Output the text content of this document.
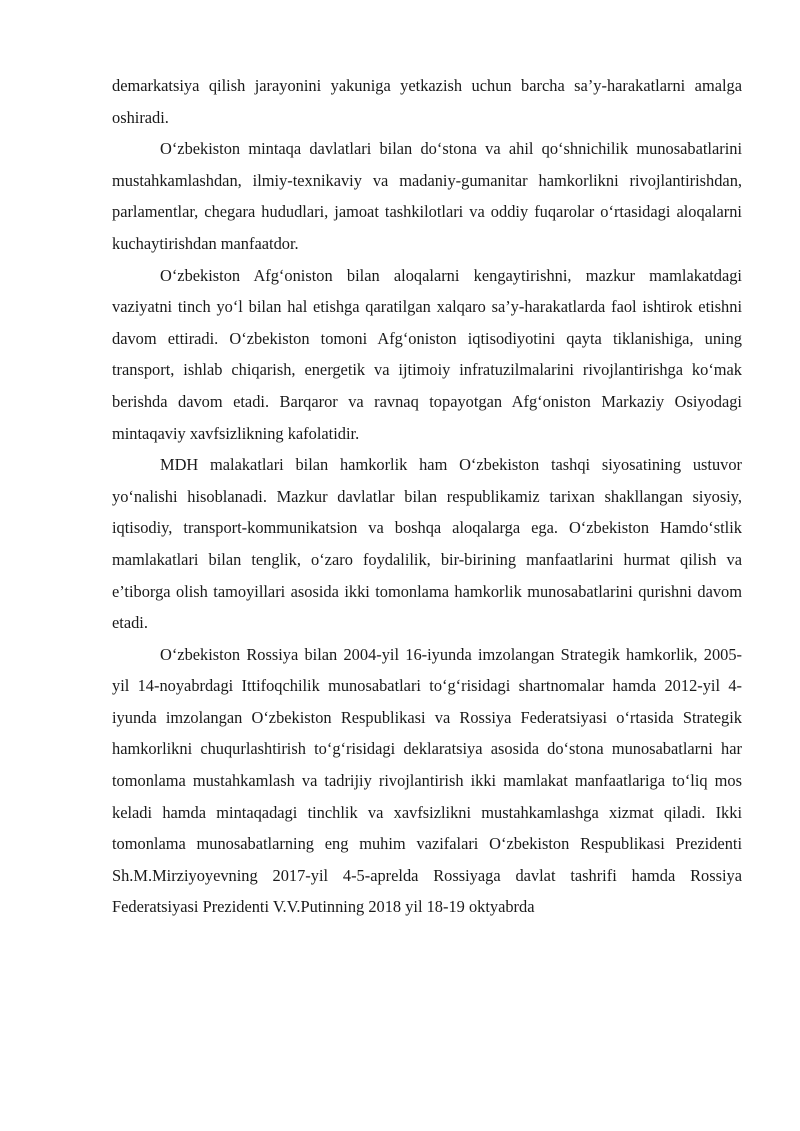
demarkatsiya qilish jarayonini yakuniga yetkazish uchun barcha sa’y-harakatlarni amalga oshiradi.

O‘zbekiston mintaqa davlatlari bilan do‘stona va ahil qo‘shnichilik munosabatlarini mustahkamlashdan, ilmiy-texnikaviy va madaniy-gumanitar hamkorlikni rivojlantirishdan, parlamentlar, chegara hududlari, jamoat tashkilotlari va oddiy fuqarolar o‘rtasidagi aloqalarni kuchaytirishdan manfaatdor.

O‘zbekiston Afg‘oniston bilan aloqalarni kengaytirishni, mazkur mamlakatdagi vaziyatni tinch yo‘l bilan hal etishga qaratilgan xalqaro sa’y-harakatlarda faol ishtirok etishni davom ettiradi. O‘zbekiston tomoni Afg‘oniston iqtisodiyotini qayta tiklanishiga, uning transport, ishlab chiqarish, energetik va ijtimoiy infratuzilmalarini rivojlantirishga ko‘mak berishda davom etadi. Barqaror va ravnaq topayotgan Afg‘oniston Markaziy Osiyodagi mintaqaviy xavfsizlikning kafolatidir.

MDH malakatlari bilan hamkorlik ham O‘zbekiston tashqi siyosatining ustuvor yo‘nalishi hisoblanadi. Mazkur davlatlar bilan respublikamiz tarixan shakllangan siyosiy, iqtisodiy, transport-kommunikatsion va boshqa aloqalarga ega. O‘zbekiston Hamdo‘stlik mamlakatlari bilan tenglik, o‘zaro foydalilik, bir-birining manfaatlarini hurmat qilish va e’tiborga olish tamoyillari asosida ikki tomonlama hamkorlik munosabatlarini qurishni davom etadi.

O‘zbekiston Rossiya bilan 2004-yil 16-iyunda imzolangan Strategik hamkorlik, 2005-yil 14-noyabrdagi Ittifoqchilik munosabatlari to‘g‘risidagi shartnomalar hamda 2012-yil 4-iyunda imzolangan O‘zbekiston Respublikasi va Rossiya Federatsiyasi o‘rtasida Strategik hamkorlikni chuqurlashtirish to‘g‘risidagi deklaratsiya asosida do‘stona munosabatlarni har tomonlama mustahkamlash va tadrijiy rivojlantirish ikki mamlakat manfaatlariga to‘liq mos keladi hamda mintaqadagi tinchlik va xavfsizlikni mustahkamlashga xizmat qiladi. Ikki tomonlama munosabatlarning eng muhim vazifalari O‘zbekiston Respublikasi Prezidenti Sh.M.Mirziyoyevning 2017-yil 4-5-aprelda Rossiyaga davlat tashrifi hamda Rossiya Federatsiyasi Prezidenti V.V.Putinning 2018 yil 18-19 oktyabrda
